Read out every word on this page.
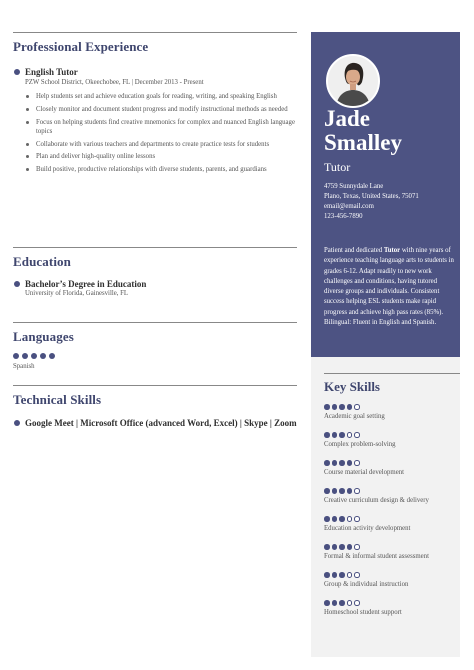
Professional Experience
English Tutor
PZW School District, Okeechobee, FL | December 2013 - Present
Help students set and achieve education goals for reading, writing, and speaking English
Closely monitor and document student progress and modify instructional methods as needed
Focus on helping students find creative mnemonics for complex and nuanced English language topics
Collaborate with various teachers and departments to create practice tests for students
Plan and deliver high-quality online lessons
Build positive, productive relationships with diverse students, parents, and guardians
Education
Bachelor’s Degree in Education
University of Florida, Gainesville, FL
Languages
Spanish
Technical Skills
Google Meet | Microsoft Office (advanced Word, Excel) | Skype | Zoom
Jade
Smalley
Tutor
4759 Sunnydale Lane
Plano, Texas, United States, 75071
email@email.com
123-456-7890
Patient and dedicated Tutor with nine years of experience teaching language arts to students in grades 6-12. Adapt readily to new work challenges and conditions, having tutored diverse groups and individuals. Consistent success helping ESL students make rapid progress and achieve high pass rates (85%). Bilingual: Fluent in English and Spanish.
Key Skills
Academic goal setting
Complex problem-solving
Course material development
Creative curriculum design & delivery
Education activity development
Formal & informal student assessment
Group & individual instruction
Homeschool student support
